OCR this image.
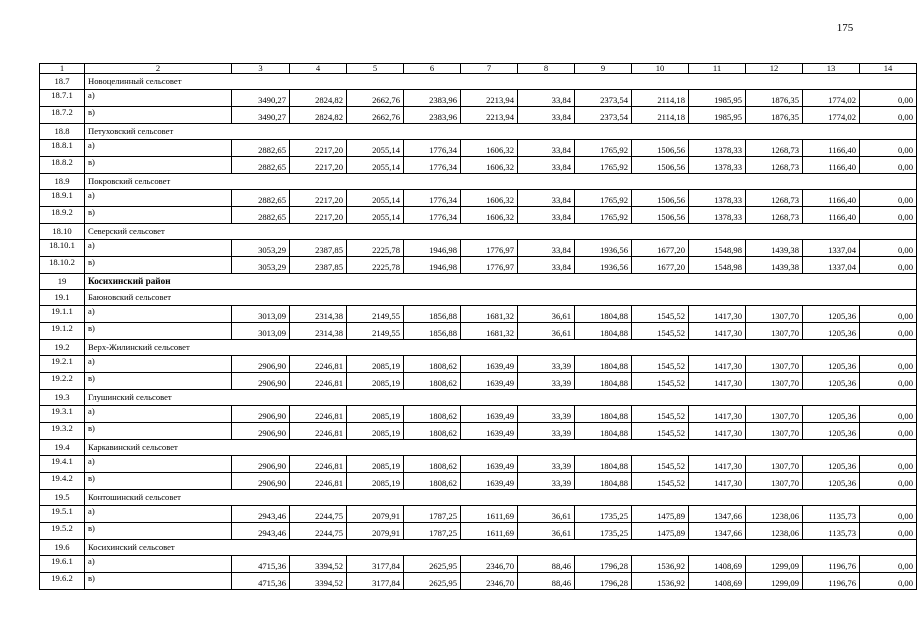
175
1	2	3	4	5	6	7	8	9	10	11	12	13	14
18.7	Новоцелинный сельсовет												
18.7.1	а)	3490,27	2824,82	2662,76	2383,96	2213,94	33,84	2373,54	2114,18	1985,95	1876,35	1774,02	0,00
18.7.2	в)	3490,27	2824,82	2662,76	2383,96	2213,94	33,84	2373,54	2114,18	1985,95	1876,35	1774,02	0,00
18.8	Петуховский сельсовет												
18.8.1	а)	2882,65	2217,20	2055,14	1776,34	1606,32	33,84	1765,92	1506,56	1378,33	1268,73	1166,40	0,00
18.8.2	в)	2882,65	2217,20	2055,14	1776,34	1606,32	33,84	1765,92	1506,56	1378,33	1268,73	1166,40	0,00
18.9	Покровский сельсовет												
18.9.1	а)	2882,65	2217,20	2055,14	1776,34	1606,32	33,84	1765,92	1506,56	1378,33	1268,73	1166,40	0,00
18.9.2	в)	2882,65	2217,20	2055,14	1776,34	1606,32	33,84	1765,92	1506,56	1378,33	1268,73	1166,40	0,00
18.10	Северский сельсовет												
18.10.1	а)	3053,29	2387,85	2225,78	1946,98	1776,97	33,84	1936,56	1677,20	1548,98	1439,38	1337,04	0,00
18.10.2	в)	3053,29	2387,85	2225,78	1946,98	1776,97	33,84	1936,56	1677,20	1548,98	1439,38	1337,04	0,00
19	Косихинский район												
19.1	Баюновский сельсовет												
19.1.1	а)	3013,09	2314,38	2149,55	1856,88	1681,32	36,61	1804,88	1545,52	1417,30	1307,70	1205,36	0,00
19.1.2	в)	3013,09	2314,38	2149,55	1856,88	1681,32	36,61	1804,88	1545,52	1417,30	1307,70	1205,36	0,00
19.2	Верх-Жилинский сельсовет												
19.2.1	а)	2906,90	2246,81	2085,19	1808,62	1639,49	33,39	1804,88	1545,52	1417,30	1307,70	1205,36	0,00
19.2.2	в)	2906,90	2246,81	2085,19	1808,62	1639,49	33,39	1804,88	1545,52	1417,30	1307,70	1205,36	0,00
19.3	Глушинский сельсовет												
19.3.1	а)	2906,90	2246,81	2085,19	1808,62	1639,49	33,39	1804,88	1545,52	1417,30	1307,70	1205,36	0,00
19.3.2	в)	2906,90	2246,81	2085,19	1808,62	1639,49	33,39	1804,88	1545,52	1417,30	1307,70	1205,36	0,00
19.4	Каркавинский сельсовет												
19.4.1	а)	2906,90	2246,81	2085,19	1808,62	1639,49	33,39	1804,88	1545,52	1417,30	1307,70	1205,36	0,00
19.4.2	в)	2906,90	2246,81	2085,19	1808,62	1639,49	33,39	1804,88	1545,52	1417,30	1307,70	1205,36	0,00
19.5	Контошинский сельсовет												
19.5.1	а)	2943,46	2244,75	2079,91	1787,25	1611,69	36,61	1735,25	1475,89	1347,66	1238,06	1135,73	0,00
19.5.2	в)	2943,46	2244,75	2079,91	1787,25	1611,69	36,61	1735,25	1475,89	1347,66	1238,06	1135,73	0,00
19.6	Косихинский сельсовет												
19.6.1	а)	4715,36	3394,52	3177,84	2625,95	2346,70	88,46	1796,28	1536,92	1408,69	1299,09	1196,76	0,00
19.6.2	в)	4715,36	3394,52	3177,84	2625,95	2346,70	88,46	1796,28	1536,92	1408,69	1299,09	1196,76	0,00
